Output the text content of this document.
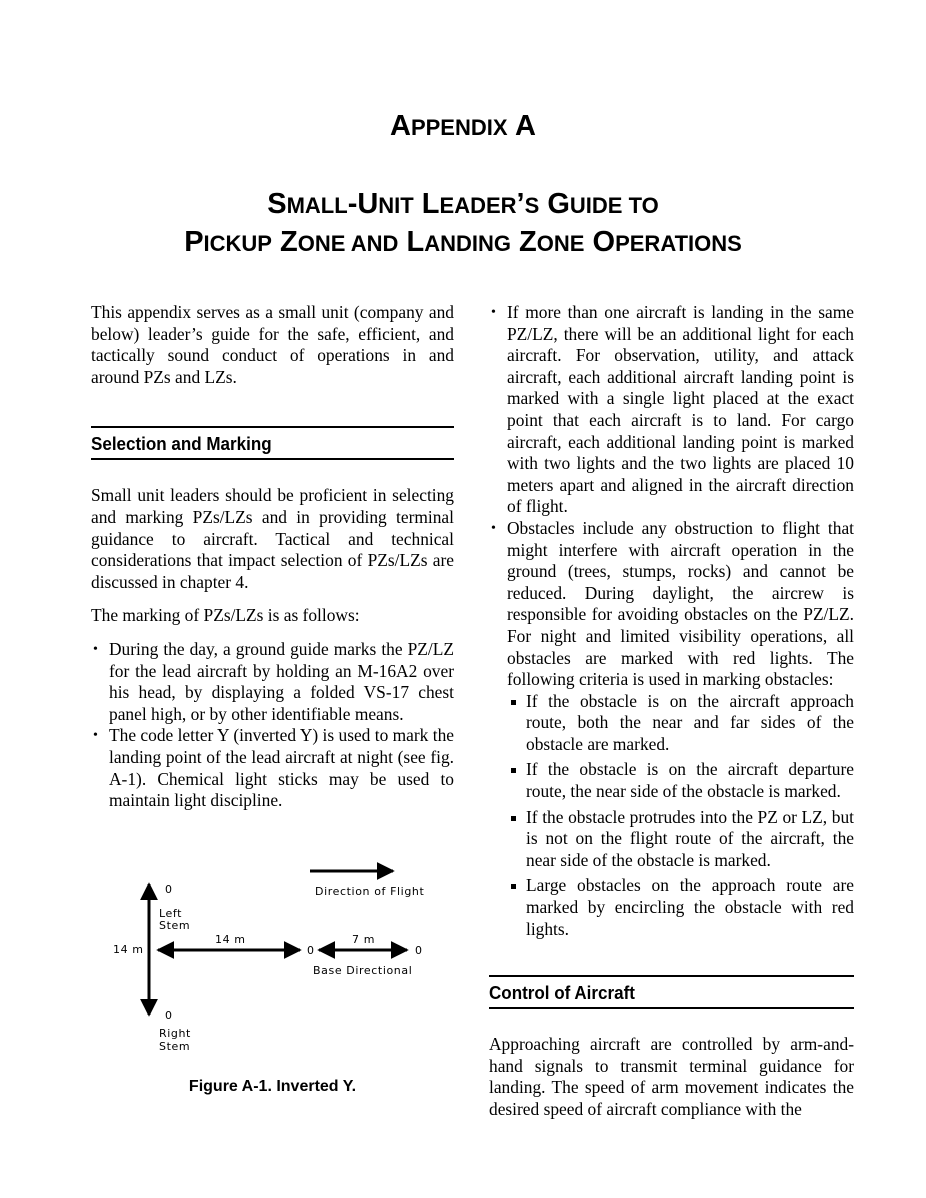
APPENDIX A
SMALL-UNIT LEADER’S GUIDE TO
PICKUP ZONE AND LANDING ZONE OPERATIONS

This appendix serves as a small unit (company and below) leader’s guide for the safe, efficient, and tactically sound conduct of operations in and around PZs and LZs.

Selection and Marking

Small unit leaders should be proficient in selecting and marking PZs/LZs and in providing terminal guidance to aircraft. Tactical and technical considerations that impact selection of PZs/LZs are discussed in chapter 4.

The marking of PZs/LZs is as follows:

• During the day, a ground guide marks the PZ/LZ for the lead aircraft by holding an M-16A2 over his head, by displaying a folded VS-17 chest panel high, or by other identifiable means.
• The code letter Y (inverted Y) is used to mark the landing point of the lead aircraft at night (see fig. A-1). Chemical light sticks may be used to maintain light discipline.
Direction of Flight
14 m
0
Left
Stem
14 m
0
7 m
0
Base Directional
0
Right
Stem
Figure A-1. Inverted Y.
• If more than one aircraft is landing in the same PZ/LZ, there will be an additional light for each aircraft. For observation, utility, and attack aircraft, each additional aircraft landing point is marked with a single light placed at the exact point that each aircraft is to land. For cargo aircraft, each additional landing point is marked with two lights and the two lights are placed 10 meters apart and aligned in the aircraft direction of flight.
• Obstacles include any obstruction to flight that might interfere with aircraft operation in the ground (trees, stumps, rocks) and cannot be reduced. During daylight, the aircrew is responsible for avoiding obstacles on the PZ/LZ. For night and limited visibility operations, all obstacles are marked with red lights. The following criteria is used in marking obstacles:
If the obstacle is on the aircraft approach route, both the near and far sides of the obstacle are marked.
If the obstacle is on the aircraft departure route, the near side of the obstacle is marked.
If the obstacle protrudes into the PZ or LZ, but is not on the flight route of the aircraft, the near side of the obstacle is marked.
Large obstacles on the approach route are marked by encircling the obstacle with red lights.
Control of Aircraft

Approaching aircraft are controlled by arm-and-hand signals to transmit terminal guidance for landing. The speed of arm movement indicates the desired speed of aircraft compliance with the
